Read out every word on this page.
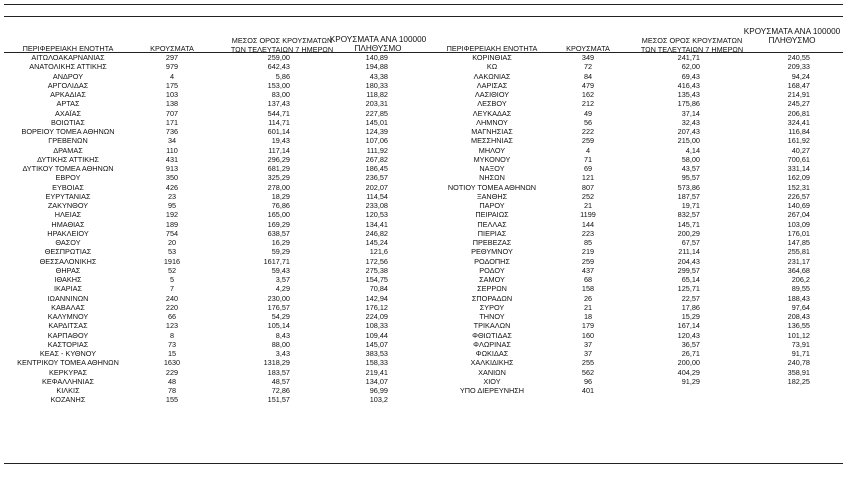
ΠΕΡΙΦΕΡΕΙΑΚΗ ΕΝΟΤΗΤΑ	ΚΡΟΥΣΜΑΤΑ
ΜΕΣΟΣ ΟΡΟΣ ΚΡΟΥΣΜΑΤΩΝ
ΤΩΝ ΤΕΛΕΥΤΑΙΩΝ 7 ΗΜΕΡΩΝ
ΚΡΟΥΣΜΑΤΑ ΑΝΑ 100000
ΠΛΗΘΥΣΜΟ	ΠΕΡΙΦΕΡΕΙΑΚΗ ΕΝΟΤΗΤΑ	ΚΡΟΥΣΜΑΤΑ
ΜΕΣΟΣ ΟΡΟΣ ΚΡΟΥΣΜΑΤΩΝ
ΤΩΝ ΤΕΛΕΥΤΑΙΩΝ 7 ΗΜΕΡΩΝ
ΚΡΟΥΣΜΑΤΑ ΑΝΑ 100000
ΠΛΗΘΥΣΜΟ
ΑΙΤΩΛΟΑΚΑΡΝΑΝΙΑΣ	297	259,00	140,89
ΑΝΑΤΟΛΙΚΗΣ ΑΤΤΙΚΗΣ	979	642,43	194,88
ΑΝΔΡΟΥ	4	5,86	43,38
ΑΡΓΟΛΙΔΑΣ	175	153,00	180,33
ΑΡΚΑΔΙΑΣ	103	83,00	118,82
ΑΡΤΑΣ	138	137,43	203,31
ΑΧΑΪΑΣ	707	544,71	227,85
ΒΟΙΩΤΙΑΣ	171	114,71	145,01
ΒΟΡΕΙΟΥ ΤΟΜΕΑ ΑΘΗΝΩΝ	736	601,14	124,39
ΓΡΕΒΕΝΩΝ	34	19,43	107,06
ΔΡΑΜΑΣ	110	117,14	111,92
ΔΥΤΙΚΗΣ ΑΤΤΙΚΗΣ	431	296,29	267,82
ΔΥΤΙΚΟΥ ΤΟΜΕΑ ΑΘΗΝΩΝ	913	681,29	186,45
ΕΒΡΟΥ	350	325,29	236,57
ΕΥΒΟΙΑΣ	426	278,00	202,07
ΕΥΡΥΤΑΝΙΑΣ	23	18,29	114,54
ΖΑΚΥΝΘΟΥ	95	76,86	233,08
ΗΛΕΙΑΣ	192	165,00	120,53
ΗΜΑΘΙΑΣ	189	169,29	134,41
ΗΡΑΚΛΕΙΟΥ	754	638,57	246,82
ΘΑΣΟΥ	20	16,29	145,24
ΘΕΣΠΡΩΤΙΑΣ	53	59,29	121,6
ΘΕΣΣΑΛΟΝΙΚΗΣ	1916	1617,71	172,56
ΘΗΡΑΣ	52	59,43	275,38
ΙΘΑΚΗΣ	5	3,57	154,75
ΙΚΑΡΙΑΣ	7	4,29	70,84
ΙΩΑΝΝΙΝΩΝ	240	230,00	142,94
ΚΑΒΑΛΑΣ	220	176,57	176,12
ΚΑΛΥΜΝΟΥ	66	54,29	224,09
ΚΑΡΔΙΤΣΑΣ	123	105,14	108,33
ΚΑΡΠΑΘΟΥ	8	8,43	109,44
ΚΑΣΤΟΡΙΑΣ	73	88,00	145,07
ΚΕΑΣ - ΚΥΘΝΟΥ	15	3,43	383,53
ΚΕΝΤΡΙΚΟΥ ΤΟΜΕΑ ΑΘΗΝΩΝ	1630	1318,29	158,33
ΚΕΡΚΥΡΑΣ	229	183,57	219,41
ΚΕΦΑΛΛΗΝΙΑΣ	48	48,57	134,07
ΚΙΛΚΙΣ	78	72,86	96,99
ΚΟΖΑΝΗΣ	155	151,57	103,2
ΚΟΡΙΝΘΙΑΣ	349	241,71	240,55
ΚΩ	72	62,00	209,33
ΛΑΚΩΝΙΑΣ	84	69,43	94,24
ΛΑΡΙΣΑΣ	479	416,43	168,47
ΛΑΣΙΘΙΟΥ	162	135,43	214,91
ΛΕΣΒΟΥ	212	175,86	245,27
ΛΕΥΚΑΔΑΣ	49	37,14	206,81
ΛΗΜΝΟΥ	56	32,43	324,41
ΜΑΓΝΗΣΙΑΣ	222	207,43	116,84
ΜΕΣΣΗΝΙΑΣ	259	215,00	161,92
ΜΗΛΟΥ	4	4,14	40,27
ΜΥΚΟΝΟΥ	71	58,00	700,61
ΝΑΞΟΥ	69	43,57	331,14
ΝΗΣΩΝ	121	95,57	162,09
ΝΟΤΙΟΥ ΤΟΜΕΑ ΑΘΗΝΩΝ	807	573,86	152,31
ΞΑΝΘΗΣ	252	187,57	226,57
ΠΑΡΟΥ	21	19,71	140,69
ΠΕΙΡΑΙΩΣ	1199	832,57	267,04
ΠΕΛΛΑΣ	144	145,71	103,09
ΠΙΕΡΙΑΣ	223	200,29	176,01
ΠΡΕΒΕΖΑΣ	85	67,57	147,85
ΡΕΘΥΜΝΟΥ	219	211,14	255,81
ΡΟΔΟΠΗΣ	259	204,43	231,17
ΡΟΔΟΥ	437	299,57	364,68
ΣΑΜΟΥ	68	65,14	206,2
ΣΕΡΡΩΝ	158	125,71	89,55
ΣΠΟΡΑΔΩΝ	26	22,57	188,43
ΣΥΡΟΥ	21	17,86	97,64
ΤΗΝΟΥ	18	15,29	208,43
ΤΡΙΚΑΛΩΝ	179	167,14	136,55
ΦΘΙΩΤΙΔΑΣ	160	120,43	101,12
ΦΛΩΡΙΝΑΣ	37	36,57	73,91
ΦΩΚΙΔΑΣ	37	26,71	91,71
ΧΑΛΚΙΔΙΚΗΣ	255	200,00	240,78
ΧΑΝΙΩΝ	562	404,29	358,91
ΧΙΟΥ	96	91,29	182,25
ΥΠΟ ΔΙΕΡΕΥΝΗΣΗ	401
